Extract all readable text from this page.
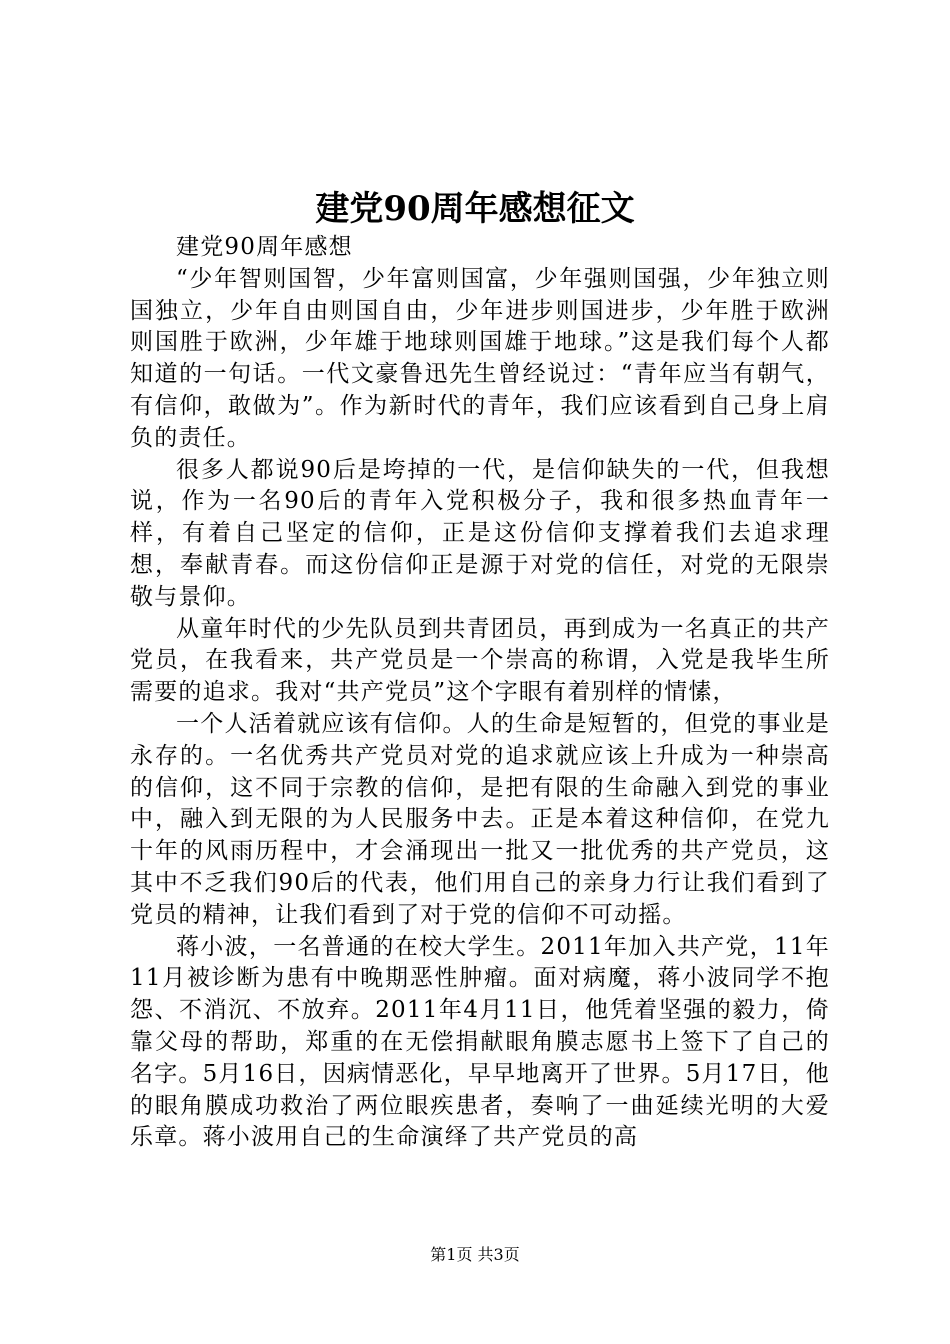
建党90周年感想征文

建党90周年感想

“少年智则国智，少年富则国富，少年强则国强，少年独立则国独立，少年自由则国自由，少年进步则国进步，少年胜于欧洲则国胜于欧洲，少年雄于地球则国雄于地球。”这是我们每个人都知道的一句话。一代文豪鲁迅先生曾经说过：“青年应当有朝气，有信仰，敢做为”。作为新时代的青年，我们应该看到自己身上肩负的责任。

很多人都说90后是垮掉的一代，是信仰缺失的一代，但我想说，作为一名90后的青年入党积极分子，我和很多热血青年一样，有着自己坚定的信仰，正是这份信仰支撑着我们去追求理想，奉献青春。而这份信仰正是源于对党的信任，对党的无限崇敬与景仰。

从童年时代的少先队员到共青团员，再到成为一名真正的共产党员，在我看来，共产党员是一个崇高的称谓，入党是我毕生所需要的追求。我对“共产党员”这个字眼有着别样的情愫，

一个人活着就应该有信仰。人的生命是短暂的，但党的事业是永存的。一名优秀共产党员对党的追求就应该上升成为一种崇高的信仰，这不同于宗教的信仰，是把有限的生命融入到党的事业中，融入到无限的为人民服务中去。正是本着这种信仰，在党九十年的风雨历程中，才会涌现出一批又一批优秀的共产党员，这其中不乏我们90后的代表，他们用自己的亲身力行让我们看到了党员的精神，让我们看到了对于党的信仰不可动摇。

蒋小波，一名普通的在校大学生。2011年加入共产党，11年11月被诊断为患有中晚期恶性肿瘤。面对病魔，蒋小波同学不抱怨、不消沉、不放弃。2011年4月11日，他凭着坚强的毅力，倚靠父母的帮助，郑重的在无偿捐献眼角膜志愿书上签下了自己的名字。5月16日，因病情恶化，早早地离开了世界。5月17日，他的眼角膜成功救治了两位眼疾患者，奏响了一曲延续光明的大爱乐章。蒋小波用自己的生命演绎了共产党员的高

第1页 共3页
